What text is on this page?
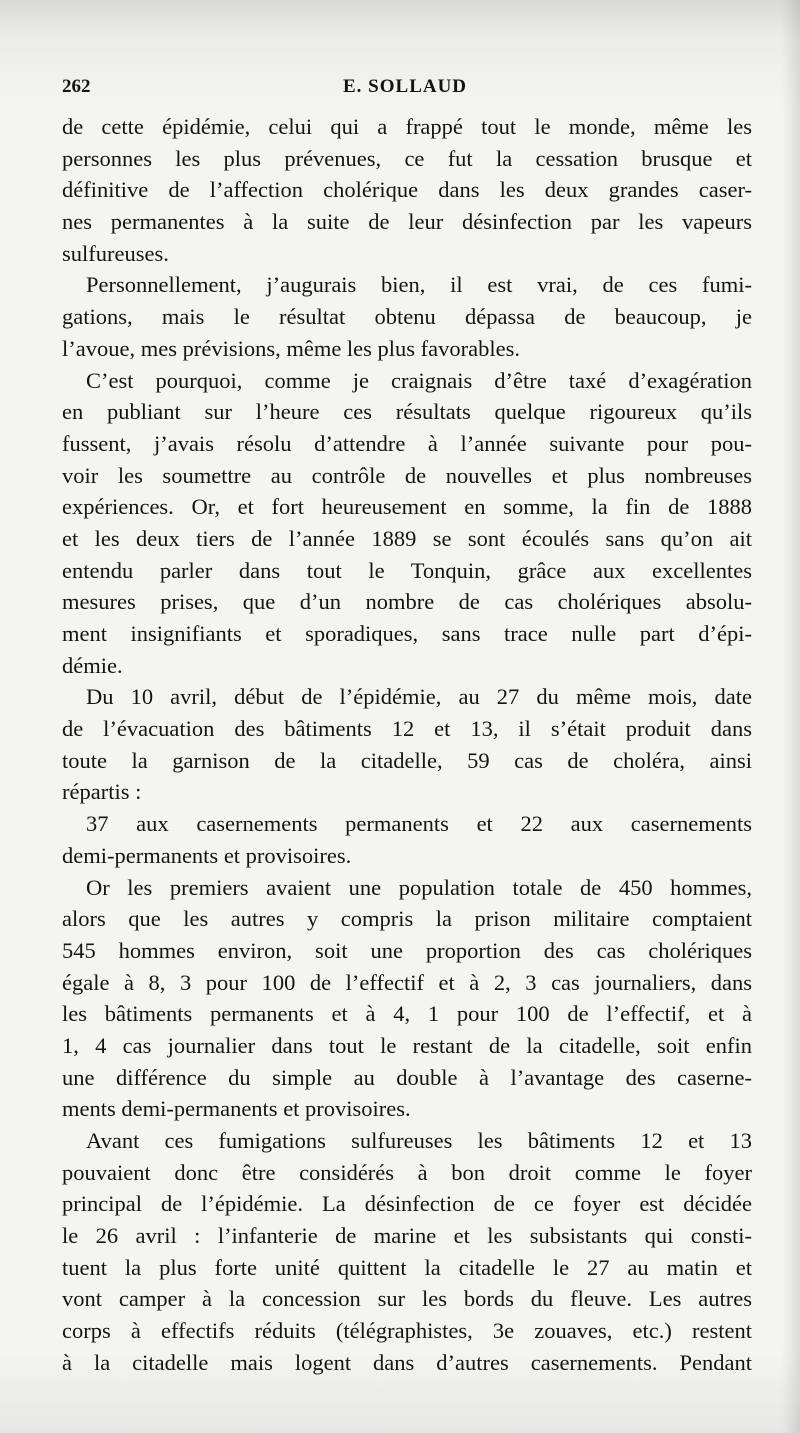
262	E. SOLLAUD
de cette épidémie, celui qui a frappé tout le monde, même les
personnes les plus prévenues, ce fut la cessation brusque et
définitive de l’affection cholérique dans les deux grandes caser-
nes permanentes à la suite de leur désinfection par les vapeurs
sulfureuses.
Personnellement, j’augurais bien, il est vrai, de ces fumi-
gations, mais le résultat obtenu dépassa de beaucoup, je
l’avoue, mes prévisions, même les plus favorables.
C’est pourquoi, comme je craignais d’être taxé d’exagération
en publiant sur l’heure ces résultats quelque rigoureux qu’ils
fussent, j’avais résolu d’attendre à l’année suivante pour pou-
voir les soumettre au contrôle de nouvelles et plus nombreuses
expériences. Or, et fort heureusement en somme, la fin de 1888
et les deux tiers de l’année 1889 se sont écoulés sans qu’on ait
entendu parler dans tout le Tonquin, grâce aux excellentes
mesures prises, que d’un nombre de cas cholériques absolu-
ment insignifiants et sporadiques, sans trace nulle part d’épi-
démie.
Du 10 avril, début de l’épidémie, au 27 du même mois, date
de l’évacuation des bâtiments 12 et 13, il s’était produit dans
toute la garnison de la citadelle, 59 cas de choléra, ainsi
répartis :
37 aux casernements permanents et 22 aux casernements
demi-permanents et provisoires.
Or les premiers avaient une population totale de 450 hommes,
alors que les autres y compris la prison militaire comptaient
545 hommes environ, soit une proportion des cas cholériques
égale à 8, 3 pour 100 de l’effectif et à 2, 3 cas journaliers, dans
les bâtiments permanents et à 4, 1 pour 100 de l’effectif, et à
1, 4 cas journalier dans tout le restant de la citadelle, soit enfin
une différence du simple au double à l’avantage des caserne-
ments demi-permanents et provisoires.
Avant ces fumigations sulfureuses les bâtiments 12 et 13
pouvaient donc être considérés à bon droit comme le foyer
principal de l’épidémie. La désinfection de ce foyer est décidée
le 26 avril : l’infanterie de marine et les subsistants qui consti-
tuent la plus forte unité quittent la citadelle le 27 au matin et
vont camper à la concession sur les bords du fleuve. Les autres
corps à effectifs réduits (télégraphistes, 3e zouaves, etc.) restent
à la citadelle mais logent dans d’autres casernements. Pendant
